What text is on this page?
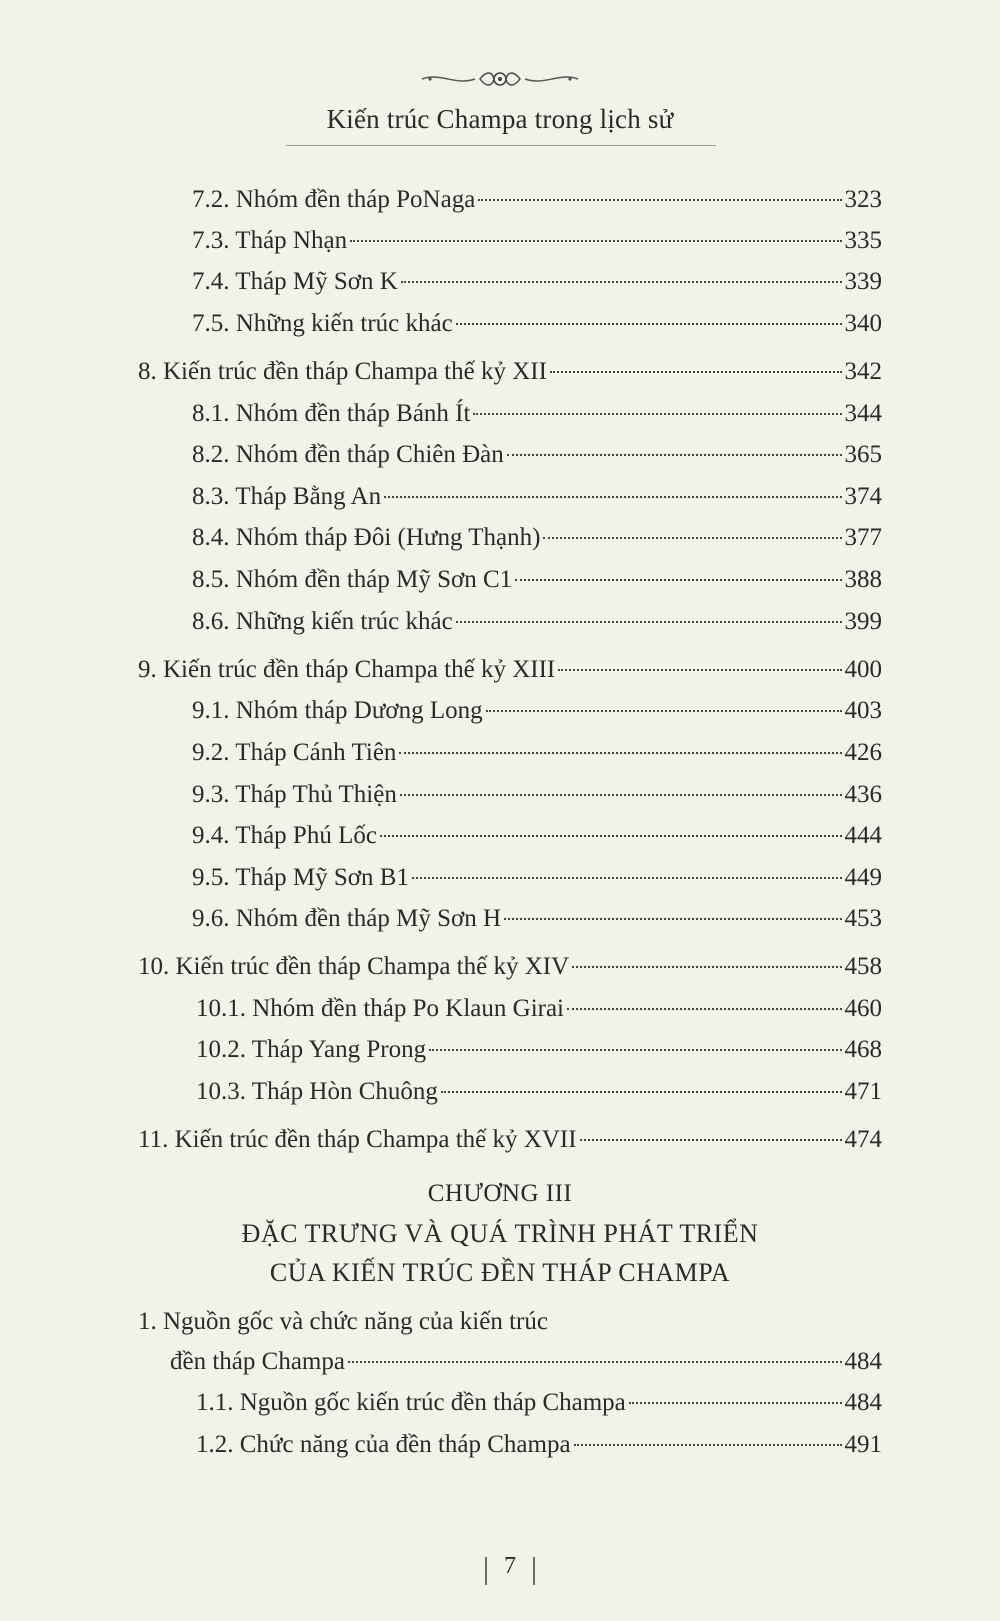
Kiến trúc Champa trong lịch sử
7.2. Nhóm đền tháp PoNaga	323
7.3. Tháp Nhạn	335
7.4. Tháp Mỹ Sơn K	339
7.5. Những kiến trúc khác	340
8. Kiến trúc đền tháp Champa thế kỷ XII	342
8.1. Nhóm đền tháp Bánh Ít	344
8.2. Nhóm đền tháp Chiên Đàn	365
8.3. Tháp Bằng An	374
8.4. Nhóm tháp Đôi (Hưng Thạnh)	377
8.5. Nhóm đền tháp Mỹ Sơn C1	388
8.6. Những kiến trúc khác	399
9. Kiến trúc đền tháp Champa thế kỷ XIII	400
9.1. Nhóm tháp Dương Long	403
9.2. Tháp Cánh Tiên	426
9.3. Tháp Thủ Thiện	436
9.4. Tháp Phú Lốc	444
9.5. Tháp Mỹ Sơn B1	449
9.6. Nhóm đền tháp Mỹ Sơn H	453
10. Kiến trúc đền tháp Champa thế kỷ XIV	458
10.1. Nhóm đền tháp Po Klaun Girai	460
10.2. Tháp Yang Prong	468
10.3. Tháp Hòn Chuông	471
11. Kiến trúc đền tháp Champa thế kỷ XVII	474
CHƯƠNG III
ĐẶC TRƯNG VÀ QUÁ TRÌNH PHÁT TRIỂN
CỦA KIẾN TRÚC ĐỀN THÁP CHAMPA
1. Nguồn gốc và chức năng của kiến trúc
đền tháp Champa	484
1.1. Nguồn gốc kiến trúc đền tháp Champa	484
1.2. Chức năng của đền tháp Champa	491
7
